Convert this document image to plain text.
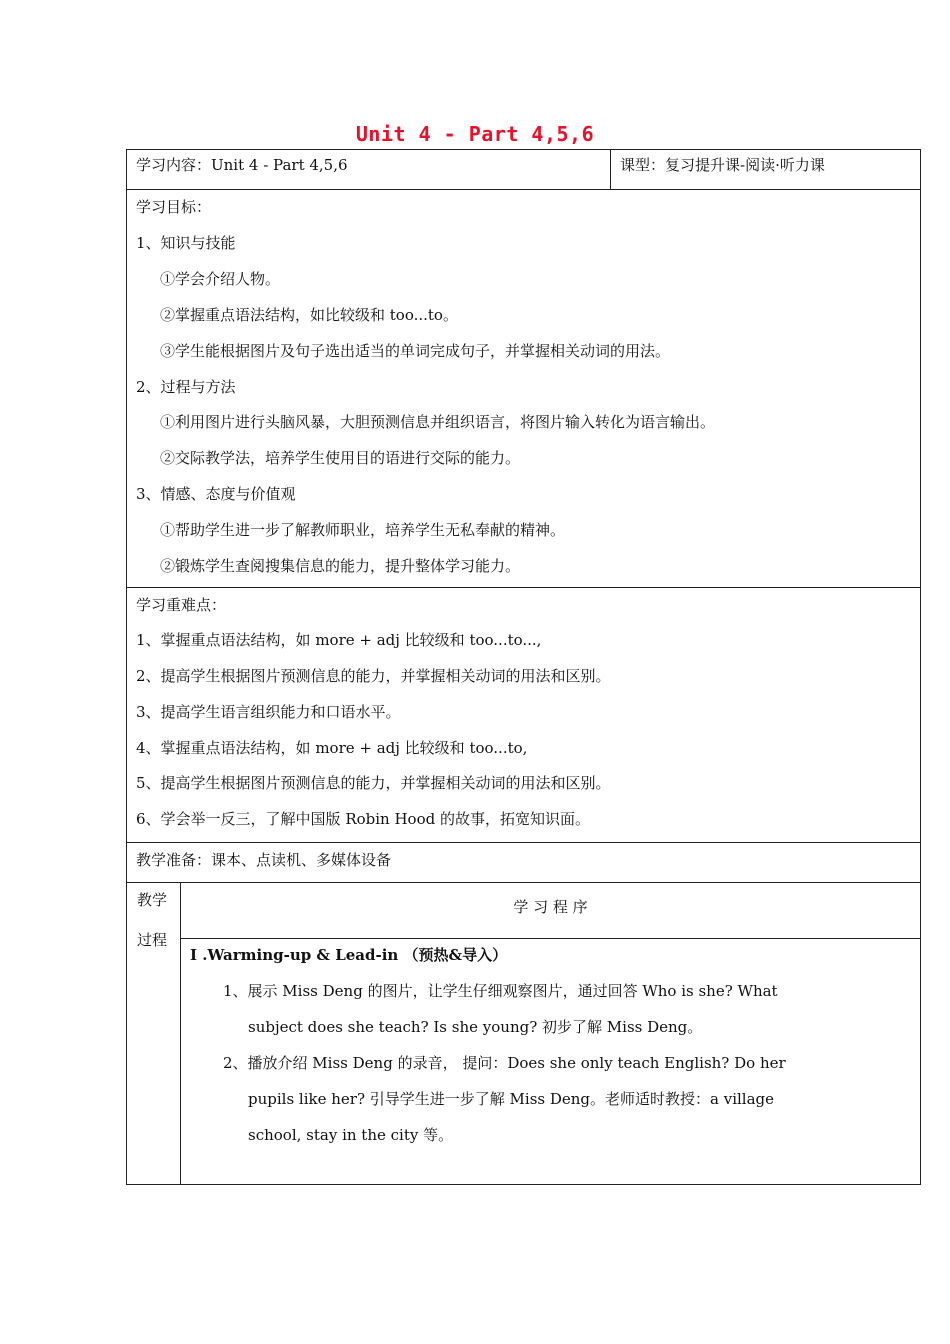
Unit 4 - Part 4,5,6
学习内容：Unit 4 - Part 4,5,6	课型：复习提升课-阅读·听力课
学习目标：
1、知识与技能
①学会介绍人物。
②掌握重点语法结构，如比较级和 too...to。
③学生能根据图片及句子选出适当的单词完成句子，并掌握相关动词的用法。
2、过程与方法
①利用图片进行头脑风暴，大胆预测信息并组织语言，将图片输入转化为语言输出。
②交际教学法，培养学生使用目的语进行交际的能力。
3、情感、态度与价值观
①帮助学生进一步了解教师职业，培养学生无私奉献的精神。
②锻炼学生查阅搜集信息的能力，提升整体学习能力。
学习重难点：
1、掌握重点语法结构，如 more + adj 比较级和 too...to...,
2、提高学生根据图片预测信息的能力，并掌握相关动词的用法和区别。
3、提高学生语言组织能力和口语水平。
4、掌握重点语法结构，如 more + adj 比较级和 too...to,
5、提高学生根据图片预测信息的能力，并掌握相关动词的用法和区别。
6、学会举一反三，了解中国版 Robin Hood 的故事，拓宽知识面。
教学准备：课本、点读机、多媒体设备
教学
过程
学 习 程 序
Ⅰ .Warming-up & Lead-in （预热&导入）
1、展示 Miss Deng 的图片，让学生仔细观察图片，通过回答 Who is she? What
subject does she teach? Is she young? 初步了解 Miss Deng。
2、播放介绍 Miss Deng 的录音， 提问：Does she only teach English? Do her
pupils like her? 引导学生进一步了解 Miss Deng。老师适时教授：a village
school, stay in the city 等。
